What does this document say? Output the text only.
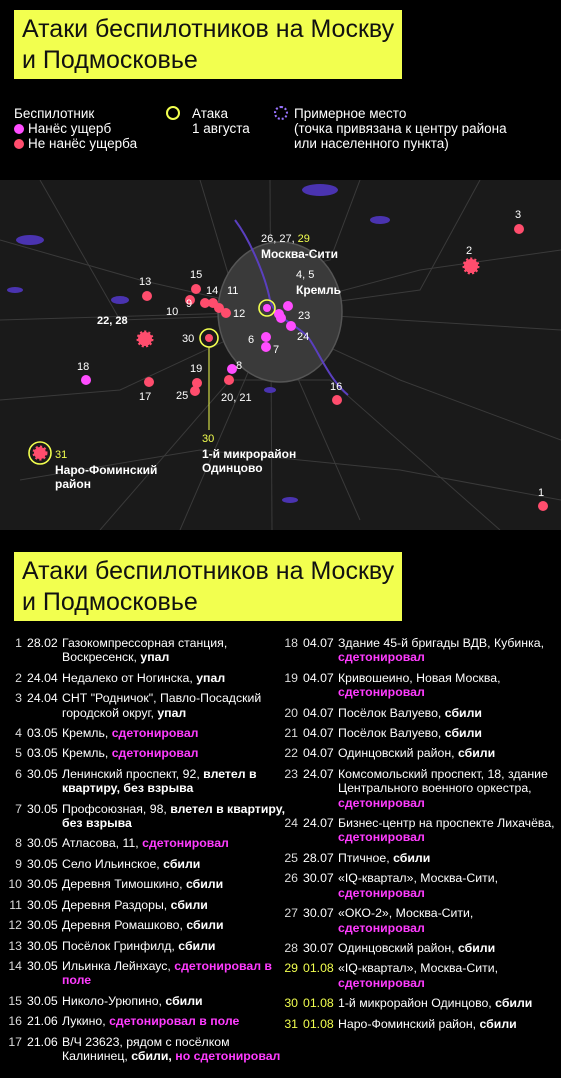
Атаки беспилотников на Москву
и Подмосковье
Беспилотник
Нанёс ущерб
Не нанёс ущерба
Атака
1 августа
Примерное место
(точка привязана к центру района
или населенного пункта)
26, 27, 29
Москва-Сити
4, 5
Кремль
1
2
3
6
7
8
9
10
11
12
13
14
15
16
17
18	19
20, 21
22, 28	23
24
25
30
30
1-й микрорайон
Одинцово
31
Наро-Фоминский
район
Атаки беспилотников на Москву
и Подмосковье
1 28.02 Газокомпрессорная станция, Воскресенск, упал
2 24.04 Недалеко от Ногинска, упал
3 24.04 СНТ "Родничок", Павло-Посадский городской округ, упал
4 03.05 Кремль, сдетонировал
5 03.05 Кремль, сдетонировал
6 30.05 Ленинский проспект, 92, влетел в квартиру, без взрыва
7 30.05 Профсоюзная, 98, влетел в квартиру, без взрыва
8 30.05 Атласова, 11, сдетонировал
9 30.05 Село Ильинское, сбили
10 30.05 Деревня Тимошкино, сбили
11 30.05 Деревня Раздоры, сбили
12 30.05 Деревня Ромашково, сбили
13 30.05 Посёлок Гринфилд, сбили
14 30.05 Ильинка Лейнхаус, сдетонировал в поле
15 30.05 Николо-Урюпино, сбили
16 21.06 Лукино, сдетонировал в поле
17 21.06 В/Ч 23623, рядом с посёлком Калининец, сбили, но сдетонировал
18 04.07 Здание 45-й бригады ВДВ, Кубинка, сдетонировал
19 04.07 Кривошеино, Новая Москва, сдетонировал
20 04.07 Посёлок Валуево, сбили
21 04.07 Посёлок Валуево, сбили
22 04.07 Одинцовский район, сбили
23 24.07 Комсомольский проспект, 18, здание Центрального военного оркестра, сдетонировал
24 24.07 Бизнес-центр на проспекте Лихачёва, сдетонировал
25 28.07 Птичное, сбили
26 30.07 «IQ-квартал», Москва-Сити, сдетонировал
27 30.07 «ОКО-2», Москва-Сити, сдетонировал
28 30.07 Одинцовский район, сбили
29 01.08 «IQ-квартал», Москва-Сити, сдетонировал
30 01.08 1-й микрорайон Одинцово, сбили
31 01.08 Наро-Фоминский район, сбили
